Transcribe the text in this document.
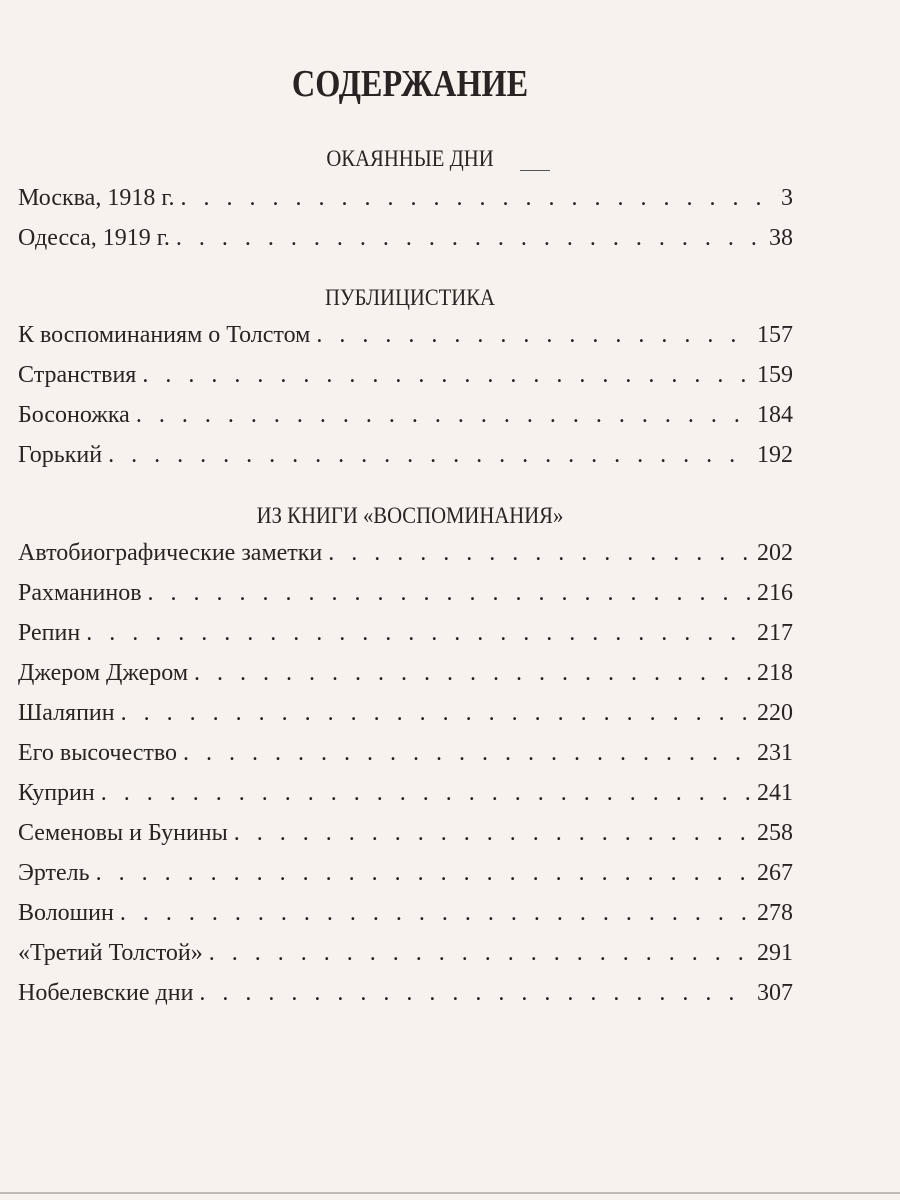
СОДЕРЖАНИЕ
ОКАЯННЫЕ ДНИ
Москва, 1918 г. . . .	3
Одесса, 1919 г. . . .	38
ПУБЛИЦИСТИКА
К воспоминаниям о Толстом . . .	157
Странствия . . .	159
Босоножка . . .	184
Горький . . .	192
ИЗ КНИГИ «ВОСПОМИНАНИЯ»
Автобиографические заметки . . .	202
Рахманинов . . .	216
Репин . . .	217
Джером Джером . . .	218
Шаляпин . . .	220
Его высочество . . .	231
Куприн . . .	241
Семеновы и Бунины . . .	258
Эртель . . .	267
Волошин . . .	278
«Третий Толстой» . . .	291
Нобелевские дни . . .	307
